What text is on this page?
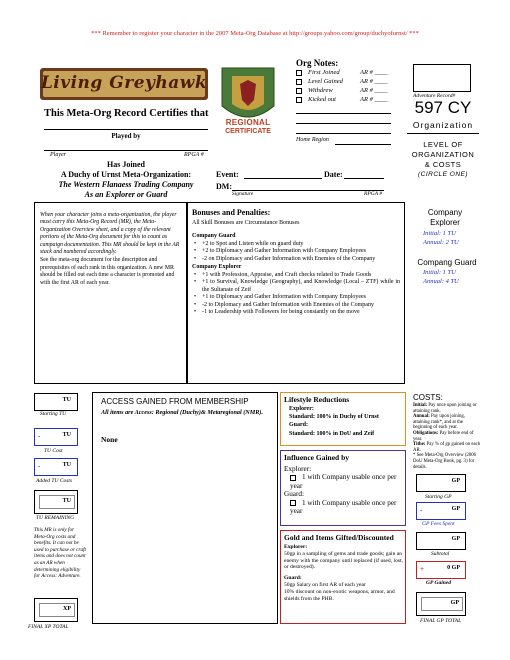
*** Remember to register your character in the 2007 Meta-Org Database at http://groups.yahoo.com/group/duchyofurnst/ ***
Living Greyhawk
REGIONAL
CERTIFICATE
Org Notes:
First Joined	AR # ____
Level Gained	AR # ____
Withdrew	AR # ____
Kicked out	AR # ____
Home Region
Adventure Record#
597 CY
Organization
LEVEL OF
ORGANIZATION
& COSTS
(CIRCLE ONE)
This Meta-Org Record Certifies that
Played by
Player	RPGA #
Has Joined
A Duchy of Urnst Meta-Organization:
The Western Flanaess Trading Company
As an Explorer or Guard
Event:	Date:
DM:
Signature	RPGA #
Company
Explorer
Initial: 1 TU
Annual: 2 TU
Compang Guard
Initial: 1 TU
Annual: 4 TU
When your character joins a meta-organization, the player must carry this Meta-Org Record (MR), the Meta-Organization Overview sheet, and a copy of the relevant portions of the Meta-Org document for this to count as campaign documentation. This MR should be kept in the AR stack and numbered accordingly.
See the meta-org document for the description and prerequisites of each rank in this organization. A new MR should be filled out each time a character is promoted and with the first AR of each year.
Bonuses and Penalties:
All Skill Bonuses are Circumstance Bonuses
Company Guard
• +2 to Spot and Listen while on guard duty
• +2 to Diplomacy and Gather Information with Company Employees
• -2 on Diplomacy and Gather Information with Enemies of the Company
Company Explorer
• +1 with Profession, Appraise, and Craft checks related to Trade Goods
• +1 to Survival, Knowledge (Geography), and Knowledge (Local – ZTF) while in the Sultanate of Zeif
• +1 to Diplomacy and Gather Information with Company Employees
• -2 to Diplomacy and Gather Information with Enemies of the Company
• -1 to Leadership with Followers for being constantly on the move
TU
Starting TU
-	TU
TU Cost
-	TU
Added TU Costs
TU
TU REMAINING
This MR is only for Meta-Org costs and benefits. It can not be used to purchase or craft items and does not count as an AR when determining eligibility for Access: Adventure.
XP
FINAL XP TOTAL
ACCESS GAINED FROM MEMBERSHIP
All items are Access: Regional (Duchy)& Metaregional (NMR).
None
Lifestyle Reductions
Explorer:
Standard: 100% in Duchy of Urnst
Guard:
Standard: 100% in DoU and Zeif
Influence Gained by
Explorer:
1 with Company usable once per year
Guard:
1 with Company usable once per year
Gold and Items Gifted/Discounted
Explorer:
50gp in a sampling of gems and trade goods; gain an enemy with the company until replaced (if used, lost, or destroyed).
Guard:
50gp Salary on first AR of each year
10% discount on non-exotic weapons, armor, and shields from the PHB.
COSTS:
Initial: Pay once upon joining or attaining rank.
Annual: Pay upon joining, attaining rank*, and at the beginning of each year.
Obligations: Pay before end of year.
Tithe: Pay % of gp gained on each AR.
* See Meta-Org Overview (2006 DoU Meta-Org Book, pg. 3) for details.
GP
Starting GP
-	GP
GP Fees Spent
GP
Subtotal
+	0 GP
GP Gained
GP
FINAL GP TOTAL
